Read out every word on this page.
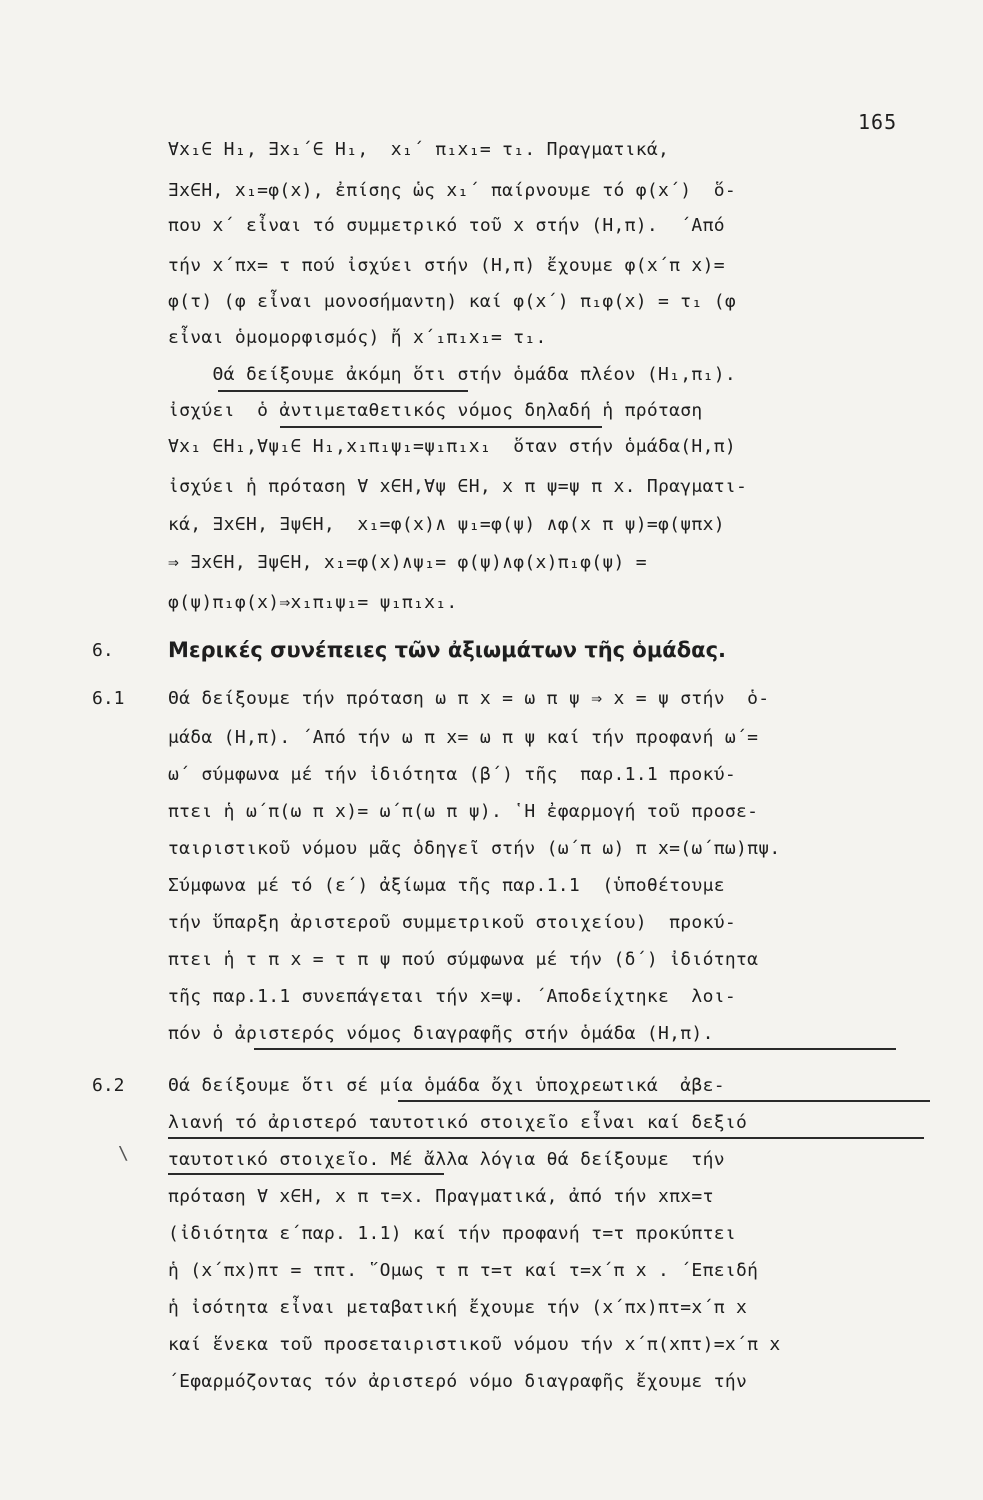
165
∀x₁∈ H₁, ∃x₁΄∈ H₁,  x₁΄ π₁x₁= τ₁. Πραγματικά,
∃x∈H, x₁=φ(x), ἐπίσης ὡς x₁΄ παίρνουμε τό φ(x΄)  ὅ-
που x΄ εἶναι τό συμμετρικό τοῦ x στήν (H,π).  ΄Από
τήν x΄πx= τ πού ἰσχύει στήν (H,π) ἔχουμε φ(x΄π x)=
φ(τ) (φ εἶναι μονοσήμαντη) καί φ(x΄) π₁φ(x) = τ₁ (φ
εἶναι ὁμομορφισμός) ἤ x΄₁π₁x₁= τ₁.
Θά δείξουμε ἀκόμη ὅτι στήν ὁμάδα πλέον (H₁,π₁).
ἰσχύει  ὁ ἀντιμεταθετικός νόμος δηλαδή ἡ πρόταση
∀x₁ ∈H₁,∀ψ₁∈ H₁,x₁π₁ψ₁=ψ₁π₁x₁  ὅταν στήν ὁμάδα(H,π)
ἰσχύει ἡ πρόταση ∀ x∈H,∀ψ ∈H, x π ψ=ψ π x. Πραγματι-
κά, ∃x∈H, ∃ψ∈H,  x₁=φ(x)∧ ψ₁=φ(ψ) ∧φ(x π ψ)=φ(ψπx)
⇒ ∃x∈H, ∃ψ∈H, x₁=φ(x)∧ψ₁= φ(ψ)∧φ(x)π₁φ(ψ) =
φ(ψ)π₁φ(x)⇒x₁π₁ψ₁= ψ₁π₁x₁.
6.	Μερικές συνέπειες τῶν ἀξιωμάτων τῆς ὁμάδας.
6.1 Θά δείξουμε τήν πρόταση ω π x = ω π ψ ⇒ x = ψ στήν  ὁ-
μάδα (H,π). ΄Από τήν ω π x= ω π ψ καί τήν προφανή ω΄=
ω΄ σύμφωνα μέ τήν ἰδιότητα (β΄) τῆς  παρ.1.1 προκύ-
πτει ἡ ω΄π(ω π x)= ω΄π(ω π ψ). ῾Η ἐφαρμογή τοῦ προσε-
ταιριστικοῦ νόμου μᾶς ὁδηγεῖ στήν (ω΄π ω) π x=(ω΄πω)πψ.
Σύμφωνα μέ τό (ε΄) ἀξίωμα τῆς παρ.1.1  (ὑποθέτουμε
τήν ὕπαρξη ἀριστεροῦ συμμετρικοῦ στοιχείου)  προκύ-
πτει ἡ τ π x = τ π ψ πού σύμφωνα μέ τήν (δ΄) ἰδιότητα
τῆς παρ.1.1 συνεπάγεται τήν x=ψ. ΄Αποδείχτηκε  λοι-
πόν ὁ ἀριστερός νόμος διαγραφῆς στήν ὁμάδα (H,π).
6.2 Θά δείξουμε ὅτι σέ μία ὁμάδα ὄχι ὑποχρεωτικά  ἀβε-
λιανή τό ἀριστερό ταυτοτικό στοιχεῖο εἶναι καί δεξιό
\ ταυτοτικό στοιχεῖο. Μέ ἄλλα λόγια θά δείξουμε  τήν
πρόταση ∀ x∈H, x π τ=x. Πραγματικά, ἀπό τήν xπx=τ
(ἰδιότητα ε΄παρ. 1.1) καί τήν προφανή τ=τ προκύπτει
ἡ (x΄πx)πτ = τπτ. ῞Ομως τ π τ=τ καί τ=x΄π x . ΄Επειδή
ἡ ἰσότητα εἶναι μεταβατική ἔχουμε τήν (x΄πx)πτ=x΄π x
καί ἕνεκα τοῦ προσεταιριστικοῦ νόμου τήν x΄π(xπτ)=x΄π x
΄Εφαρμόζοντας τόν ἀριστερό νόμο διαγραφῆς ἔχουμε τήν
